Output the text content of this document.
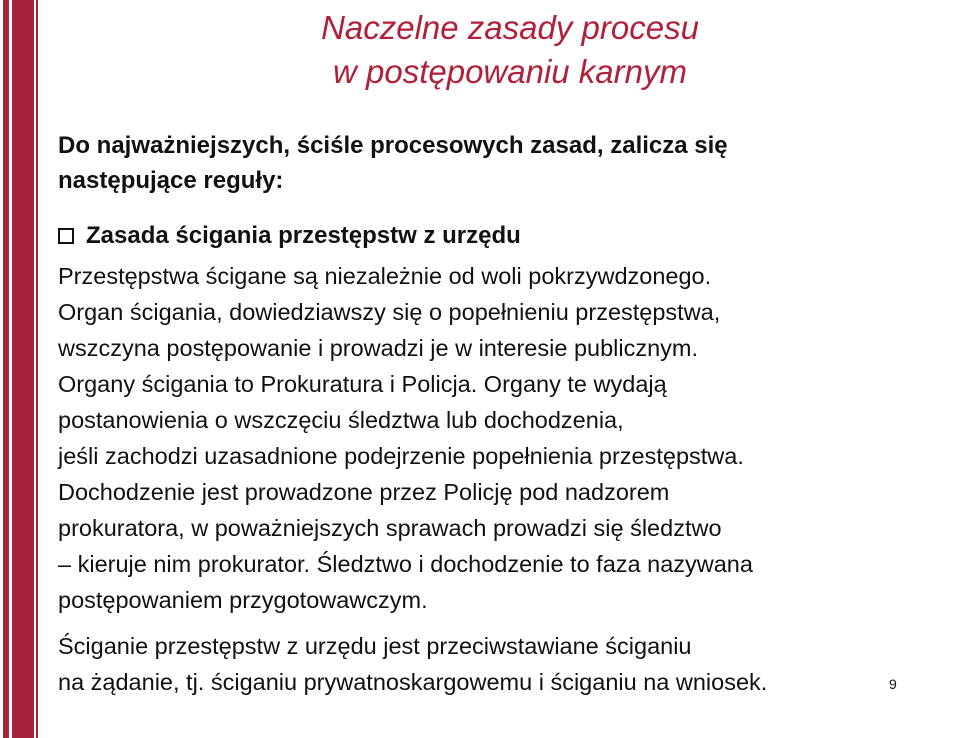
Naczelne zasady procesu
w postępowaniu karnym
Do najważniejszych, ściśle procesowych zasad, zalicza się
następujące reguły:
Zasada ścigania przestępstw z urzędu
Przestępstwa ścigane są niezależnie od woli pokrzywdzonego.
Organ ścigania, dowiedziawszy się o popełnieniu przestępstwa,
wszczyna postępowanie i prowadzi je w interesie publicznym.
Organy ścigania to Prokuratura i Policja. Organy te wydają
postanowienia o wszczęciu śledztwa lub dochodzenia,
jeśli zachodzi uzasadnione podejrzenie popełnienia przestępstwa.
Dochodzenie jest prowadzone przez Policję pod nadzorem
prokuratora, w poważniejszych sprawach prowadzi się śledztwo
– kieruje nim prokurator. Śledztwo i dochodzenie to faza nazywana
postępowaniem przygotowawczym.
Ściganie przestępstw z urzędu jest przeciwstawiane ściganiu
na żądanie, tj. ściganiu prywatnoskargowemu i ściganiu na wniosek.	9
